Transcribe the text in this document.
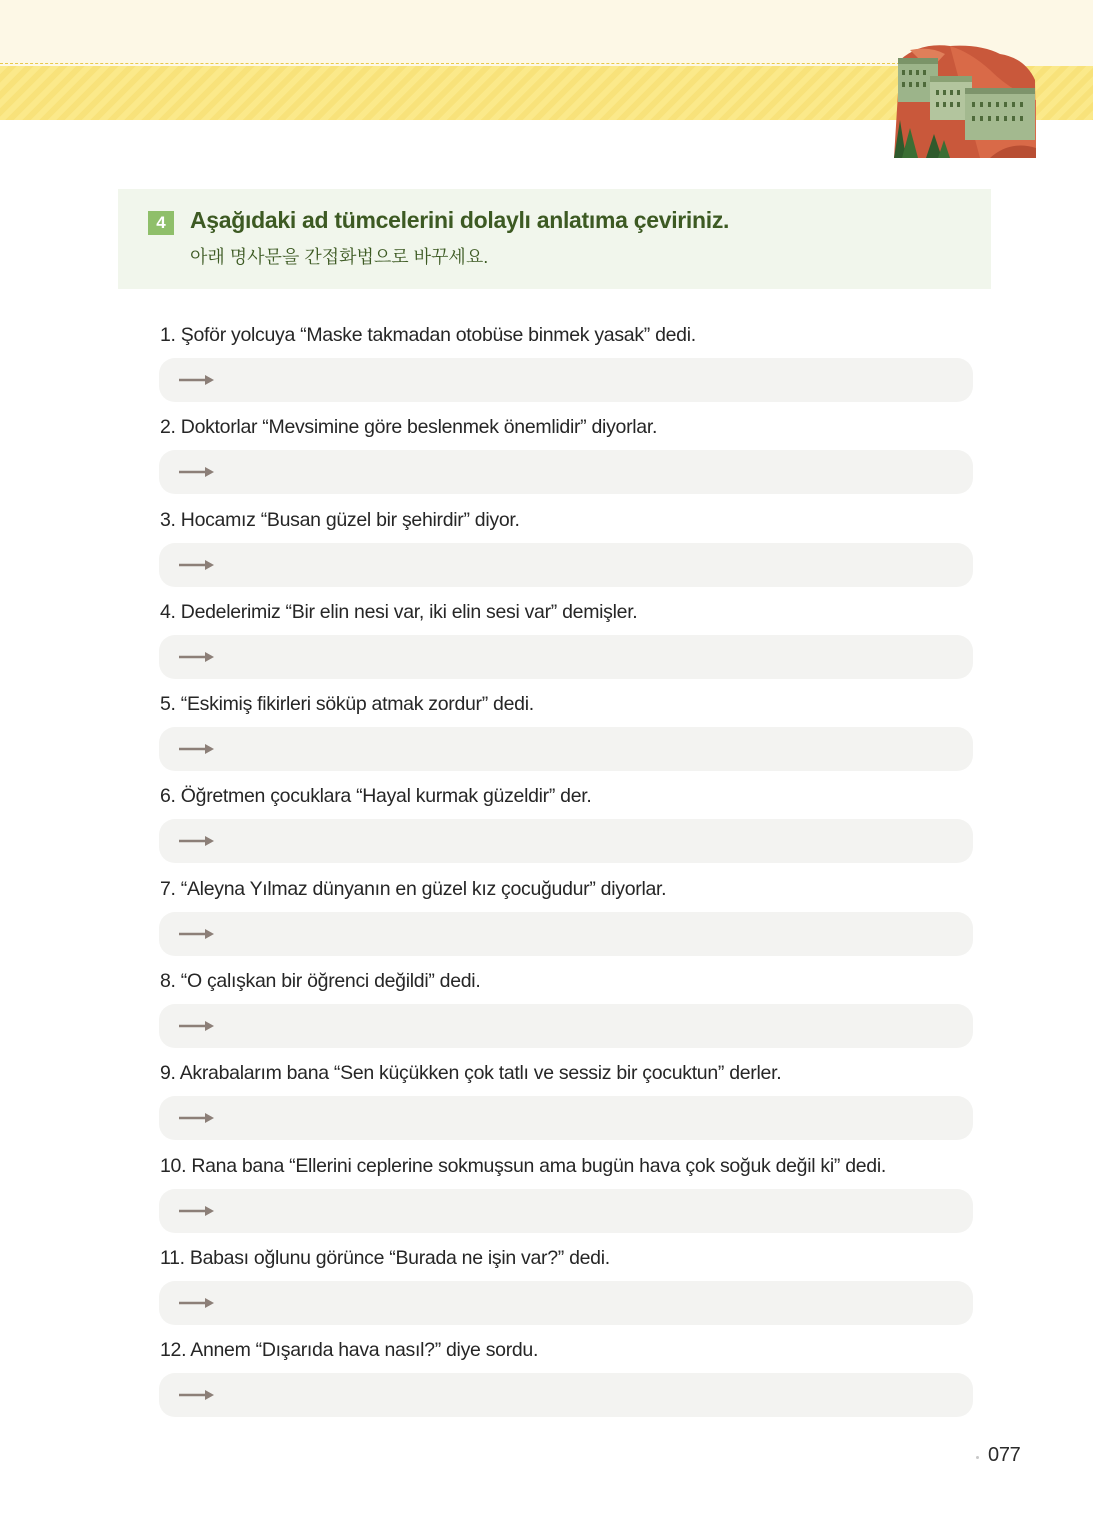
4	Aşağıdaki ad tümcelerini dolaylı anlatıma çeviriniz.
아래 명사문을 간접화법으로 바꾸세요.
1. Şoför yolcuya “Maske takmadan otobüse binmek yasak” dedi.
2. Doktorlar “Mevsimine göre beslenmek önemlidir” diyorlar.
3. Hocamız “Busan güzel bir şehirdir” diyor.
4. Dedelerimiz “Bir elin nesi var, iki elin sesi var” demişler.
5. “Eskimiş fikirleri söküp atmak zordur” dedi.
6. Öğretmen çocuklara “Hayal kurmak güzeldir” der.
7. “Aleyna Yılmaz dünyanın en güzel kız çocuğudur” diyorlar.
8. “O çalışkan bir öğrenci değildi” dedi.
9. Akrabalarım bana “Sen küçükken çok tatlı ve sessiz bir çocuktun” derler.
10. Rana bana “Ellerini ceplerine sokmuşsun ama bugün hava çok soğuk değil ki” dedi.
11. Babası oğlunu görünce “Burada ne işin var?” dedi.
12. Annem “Dışarıda hava nasıl?” diye sordu.
077
